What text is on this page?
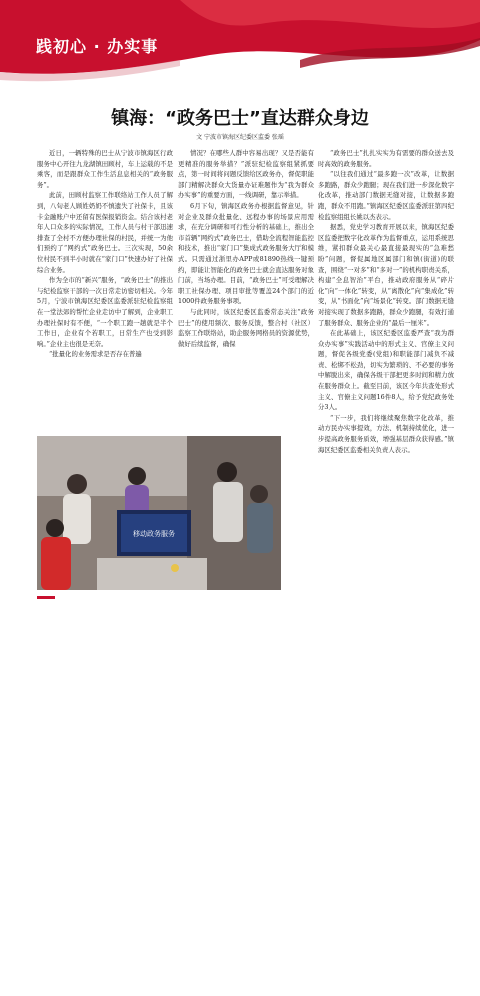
践初心 · 办实事
镇海：“政务巴士”直达群众身边
文 宁波市镇海区纪委区监委 张瑶

近日，一辆特殊的巴士从宁波市镇海区行政服务中心开往九龙湖镇田顾村，车上运载的不是乘客，而是跟群众工作生活息息相关的“政务服务”。

此前，田顾村监察工作联络站工作人员了解到，八旬老人顾姓奶奶不慎遗失了社保卡，且该卡金融账户中还留有医保报销资金。结合该村老年人口众多的实际情况，工作人员与村干部迅速排查了全村不方便办理社保的村民，并统一为他们预约了“网约式”政务巴士。三次实现，50余位村民不到半小时就在“家门口”快速办好了社保综合业务。

作为全市的“新兴”服务，“政务巴士”的推出与纪检监察干部的一次日常走访密切相关。今年5月，宁波市镇海区纪委区监委派驻纪检监察组在一堂法郊的帮忙企业走访中了解到，企业职工办理社保时有不便，“一个职工跑一趟就是半个工作日，企业有个若职工，日常生产也受到影响。”企业主也很是无奈。

“批量化的业务需求是否存在普遍

情况？在哪些人群中容易出现？又是否能有更精准的服务举措？”派驻纪检监察组紧抓要点，第一时间将问题反馈给区政务办，督促职能部门精解决群众大货量办证难题作为“我为群众办实事”的重要方面，一线调研，靠示举措。

6月下旬，镇海区政务办根据监督意见，针对企业及群众批量化、远程办事的场景应用需求，在充分调研和可行性分析的基础上，推出全市首辆“网约式”政务巴士，借助全流程智能监控和技术，推出“家门口”集成式政务服务大厅和模式。只需通过浙里办APP或81890热线一键预约，即能让智能化的政务巴士就会直达服务对象门前，当场办理。目前，“政务巴士”可受理解决职工社保办理、项目审批等覆盖24个部门的近1000件政务服务事项。

与此同时，该区纪委区监委常态关注“政务巴士”的使用频次、服务反馈，整合村（社区）监察工作联络站，助企服务网格员的资源优势，做好后续监督，确保

“政务巴士”扎扎实实为有需要的群众送去及时高效的政务服务。

“以往我们通过“最多跑一次”改革，让数据多跑路，群众少跑腿；现在我们进一步深化数字化改革，推动部门数据无缝对接，让数据多跑跑，群众不用跑。”镇海区纪委区监委派驻第四纪检监察组组长姚以杰表示。

据悉，党史学习教育开展以来，镇海区纪委区监委把数字化改革作为监督重点，运用系统思维，紧扣群众最关心最直接最现实的“急难愁盼”问题，督促属地区属部门和镇(街道)的联查，围绕“一对多”和“多对一”的机构职责关系，构建“全息智治”平台，推动政府服务从“碎片化”向“一体化”转变，从“离散化”向“集成化”转变，从“书面化”向“场景化”转变。部门数据无缝对接实现了数据多跑路，群众少跑腿，有效打通了服务群众、服务企业的“最后一厘米”。

在此基础上，该区纪委区监委严查“我为群众办实事”实践活动中的形式主义、官僚主义问题，督促各级党委(党组)和职能部门减负不减责、松绑不松劲，切实为繁琐的、不必要的事务中解脱出来，确保各级干部把更多时间和精力放在服务群众上。截至目前，该区今年共查处形式主义、官僚主义问题16件8人，给予党纪政务处分3人。

“下一步，我们将继续聚焦数字化改革，推动方民办实事提效，方法、机制持续优化，进一步提高政务服务质效，增强基层群众获得感。”镇海区纪委区监委相关负责人表示。

移动政务服务
“政务巴士”为群众提供上门服务
